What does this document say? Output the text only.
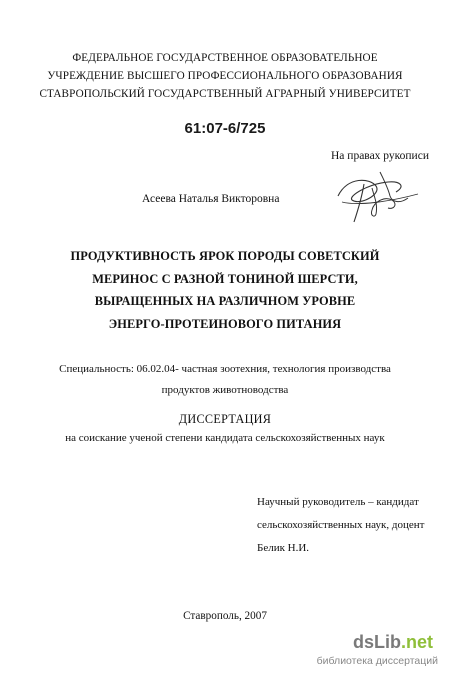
ФЕДЕРАЛЬНОЕ ГОСУДАРСТВЕННОЕ ОБРАЗОВАТЕЛЬНОЕ
УЧРЕЖДЕНИЕ ВЫСШЕГО ПРОФЕССИОНАЛЬНОГО ОБРАЗОВАНИЯ
СТАВРОПОЛЬСКИЙ ГОСУДАРСТВЕННЫЙ АГРАРНЫЙ УНИВЕРСИТЕТ
61:07-6/725
На правах рукописи
Асеева Наталья Викторовна
ПРОДУКТИВНОСТЬ ЯРОК ПОРОДЫ СОВЕТСКИЙ
МЕРИНОС С РАЗНОЙ ТОНИНОЙ ШЕРСТИ,
ВЫРАЩЕННЫХ НА РАЗЛИЧНОМ УРОВНЕ
ЭНЕРГО-ПРОТЕИНОВОГО ПИТАНИЯ
Специальность: 06.02.04- частная зоотехния, технология производства
продуктов животноводства
ДИССЕРТАЦИЯ
на соискание ученой степени кандидата сельскохозяйственных наук
Научный руководитель – кандидат
сельскохозяйственных наук, доцент
Белик Н.И.
Ставрополь, 2007
dsLib.net
библиотека диссертаций
